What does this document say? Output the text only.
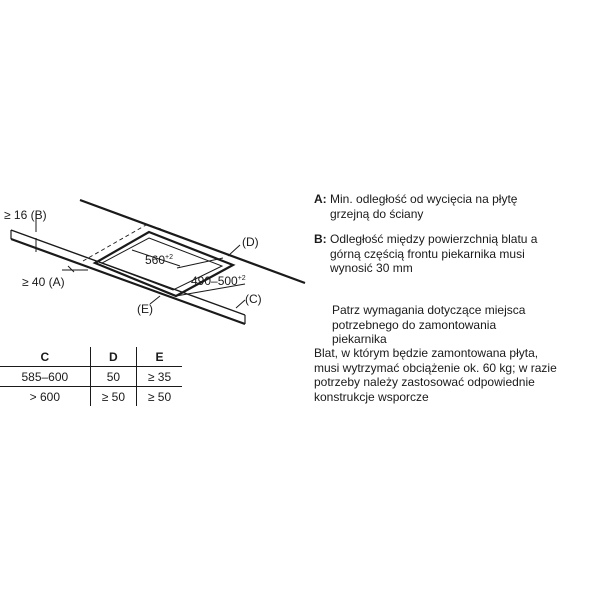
≥ 16 (B)
≥ 40 (A)
(D)
(E)
(C)
$560^{+2}$
$490-500^{+2}$
C	D	E
585–600	50	≥ 35
> 600	≥ 50	≥ 50

A: Min. odległość od wycięcia na płytę
grzejną do ściany

B: Odległość między powierzchnią blatu a
górną częścią frontu piekarnika musi
wynosić 30 mm

Patrz wymagania dotyczące miejsca
potrzebnego do zamontowania
piekarnika

Blat, w którym będzie zamontowana płyta,
musi wytrzymać obciążenie ok. 60 kg; w razie
potrzeby należy zastosować odpowiednie
konstrukcje wsporcze
